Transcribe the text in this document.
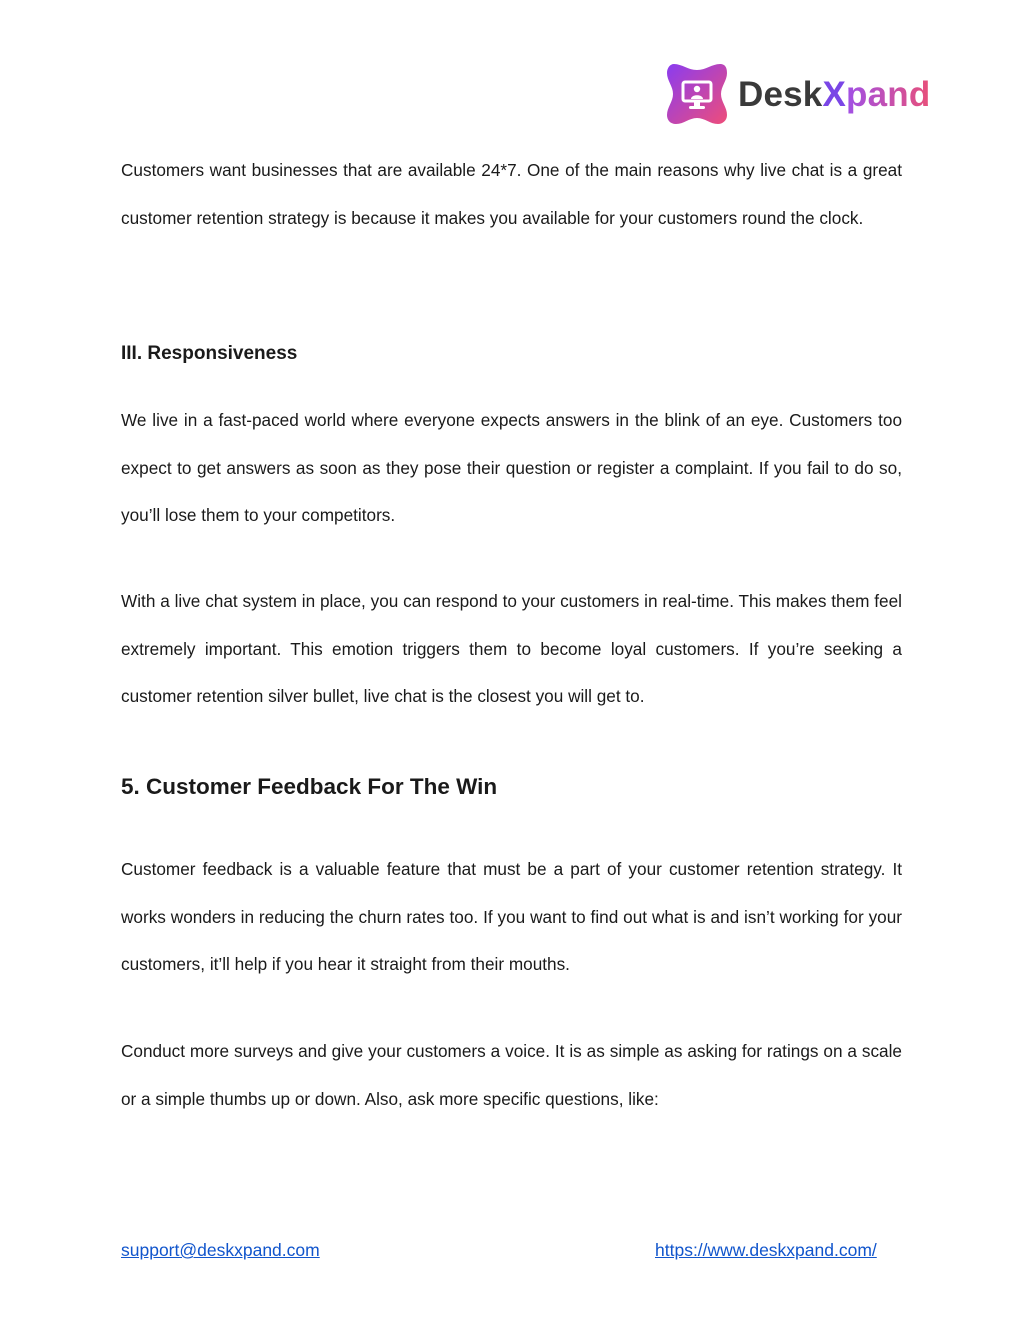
DeskXpand

Customers want businesses that are available 24*7. One of the main reasons why live chat is a great customer retention strategy is because it makes you available for your customers round the clock.

III. Responsiveness

We live in a fast-paced world where everyone expects answers in the blink of an eye. Customers too expect to get answers as soon as they pose their question or register a complaint. If you fail to do so, you’ll lose them to your competitors.

With a live chat system in place, you can respond to your customers in real-time. This makes them feel extremely important. This emotion triggers them to become loyal customers. If you’re seeking a customer retention silver bullet, live chat is the closest you will get to.

5. Customer Feedback For The Win

Customer feedback is a valuable feature that must be a part of your customer retention strategy. It works wonders in reducing the churn rates too. If you want to find out what is and isn’t working for your customers, it’ll help if you hear it straight from their mouths.

Conduct more surveys and give your customers a voice. It is as simple as asking for ratings on a scale or a simple thumbs up or down. Also, ask more specific questions, like:

support@deskxpand.com	https://www.deskxpand.com/
